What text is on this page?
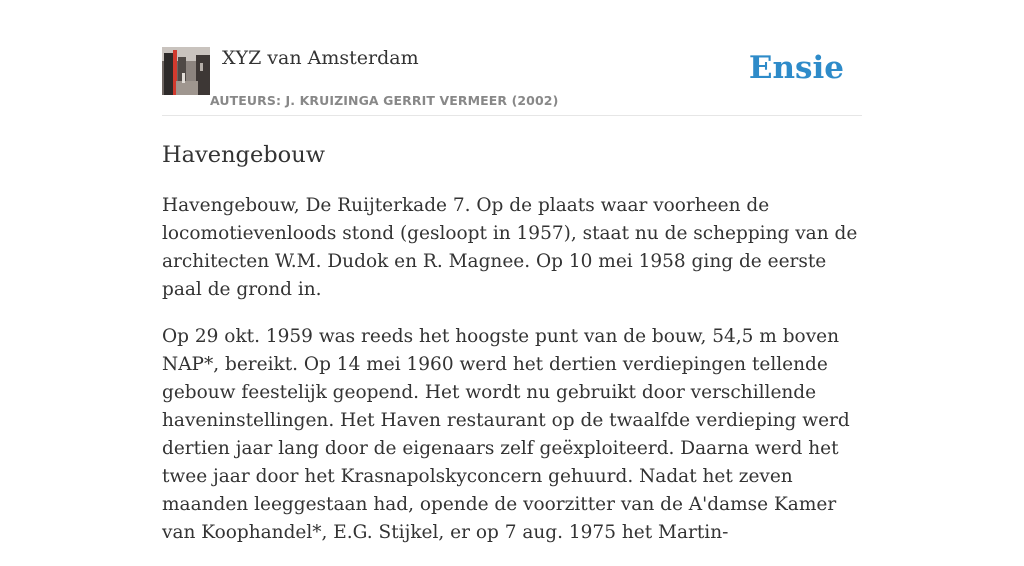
XYZ van Amsterdam
AUTEURS: J. KRUIZINGA GERRIT VERMEER (2002)
Ensie
Havengebouw

Havengebouw, De Ruijterkade 7. Op de plaats waar voorheen de locomotievenloods stond (gesloopt in 1957), staat nu de schepping van de architecten W.M. Dudok en R. Magnee. Op 10 mei 1958 ging de eerste paal de grond in.

Op 29 okt. 1959 was reeds het hoogste punt van de bouw, 54,5 m boven NAP*, bereikt. Op 14 mei 1960 werd het dertien verdiepingen tellende gebouw feestelijk geopend. Het wordt nu gebruikt door verschillende haveninstellingen. Het Haven restaurant op de twaalfde verdieping werd dertien jaar lang door de eigenaars zelf geëxploiteerd. Daarna werd het twee jaar door het Krasnapolskyconcern gehuurd. Nadat het zeven maanden leeggestaan had, opende de voorzitter van de A'damse Kamer van Koophandel*, E.G. Stijkel, er op 7 aug. 1975 het Martin-
